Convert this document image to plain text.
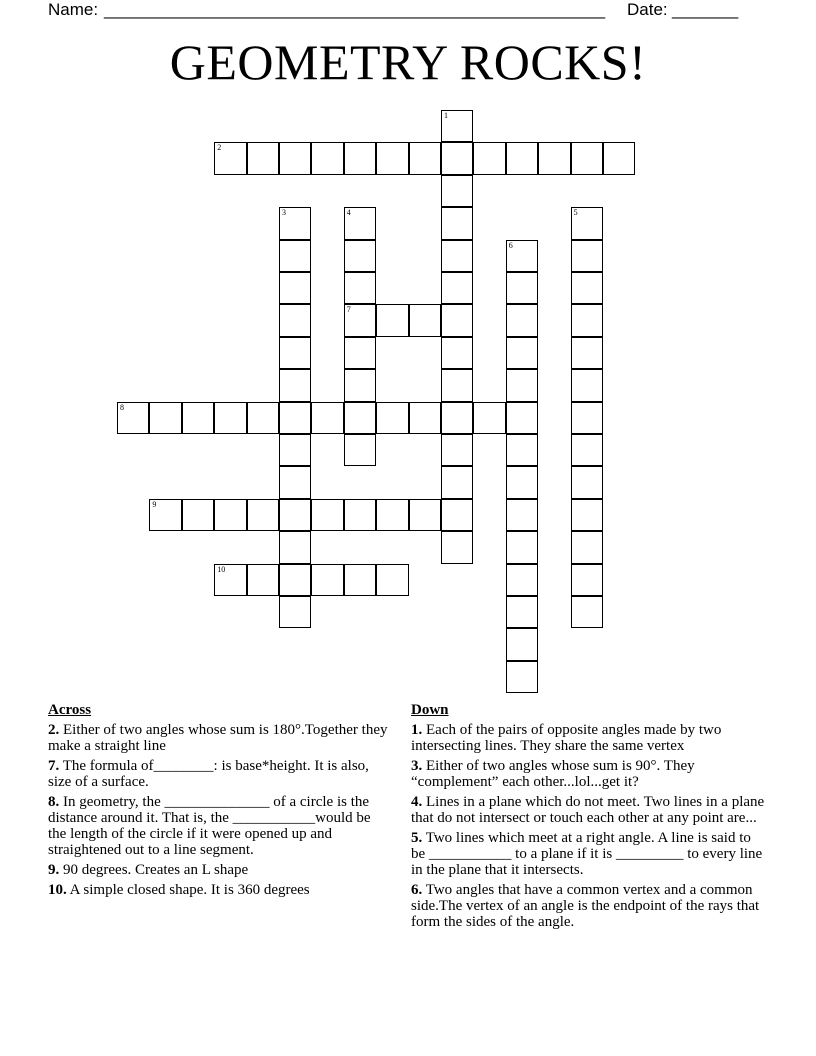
Name: _____________________________________________________ Date: _______
GEOMETRY ROCKS!
1
2
3	4
7
5
6
8
9
10
Across
2. Either of two angles whose sum is 180°.Together they make a straight line
7. The formula of________: is base*height. It is also, size of a surface.
8. In geometry, the ______________ of a circle is the distance around it. That is, the ___________would be the length of the circle if it were opened up and straightened out to a line segment.
9. 90 degrees. Creates an L shape
10. A simple closed shape. It is 360 degrees
Down
1. Each of the pairs of opposite angles made by two intersecting lines. They share the same vertex
3. Either of two angles whose sum is 90°. They “complement” each other...lol...get it?
4. Lines in a plane which do not meet. Two lines in a plane that do not intersect or touch each other at any point are...
5. Two lines which meet at a right angle. A line is said to be ___________ to a plane if it is _________ to every line in the plane that it intersects.
6. Two angles that have a common vertex and a common side.The vertex of an angle is the endpoint of the rays that form the sides of the angle.
